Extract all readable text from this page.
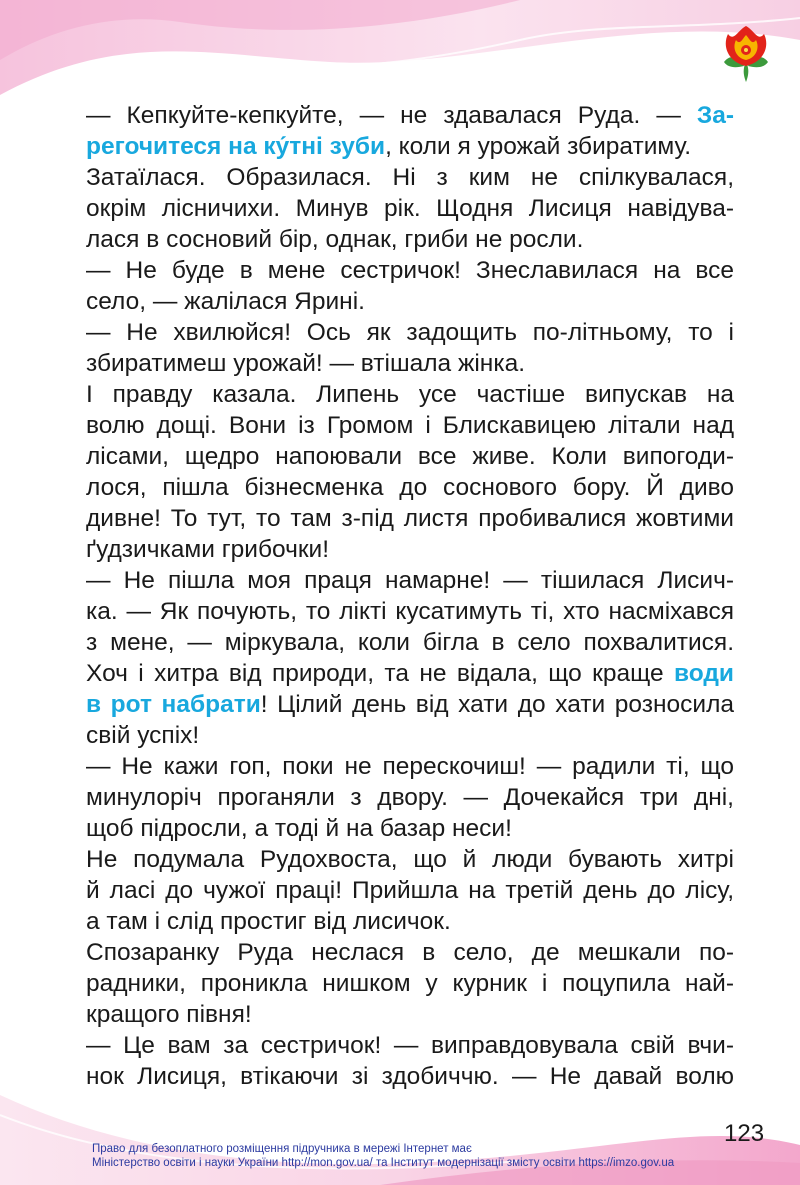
— Кепкуйте-кепкуйте, — не здавалася Руда. — За-
регочитеся на ку́тні зуби, коли я урожай збиратиму.
Затаїлася. Образилася. Ні з ким не спілкувалася,
окрім лісничихи. Минув рік. Щодня Лисиця навідува-
лася в сосновий бір, однак, гриби не росли.
— Не буде в мене сестричок! Знеславилася на все
село, — жалілася Ярині.
— Не хвилюйся! Ось як задощить по-літньому, то і
збиратимеш урожай! — втішала жінка.
І правду казала. Липень усе частіше випускав на
волю дощі. Вони із Громом і Блискавицею літали над
лісами, щедро напоювали все живе. Коли випогоди-
лося, пішла бізнесменка до соснового бору. Й диво
дивне! То тут, то там з-під листя пробивалися жовтими
ґудзичками грибочки!
— Не пішла моя праця намарне! — тішилася Лисич-
ка. — Як почують, то лікті кусатимуть ті, хто насміхався
з мене, — міркувала, коли бігла в село похвалитися.
Хоч і хитра від природи, та не відала, що краще води
в рот набрати! Цілий день від хати до хати розносила
свій успіх!
— Не кажи гоп, поки не перескочиш! — радили ті, що
минулоріч проганяли з двору. — Дочекайся три дні,
щоб підросли, а тоді й на базар неси!
Не подумала Рудохвоста, що й люди бувають хитрі
й ласі до чужої праці! Прийшла на третій день до лісу,
а там і слід простиг від лисичок.
Спозаранку Руда неслася в село, де мешкали по-
радники, проникла нишком у курник і поцупила най-
кращого півня!
— Це вам за сестричок! — виправдовувала свій вчи-
нок Лисиця, втікаючи зі здобиччю. — Не давай волю
123
Право для безоплатного розміщення підручника в мережі Інтернет має
Міністерство освіти і науки України http://mon.gov.ua/ та Інститут модернізації змісту освіти https://imzo.gov.ua
